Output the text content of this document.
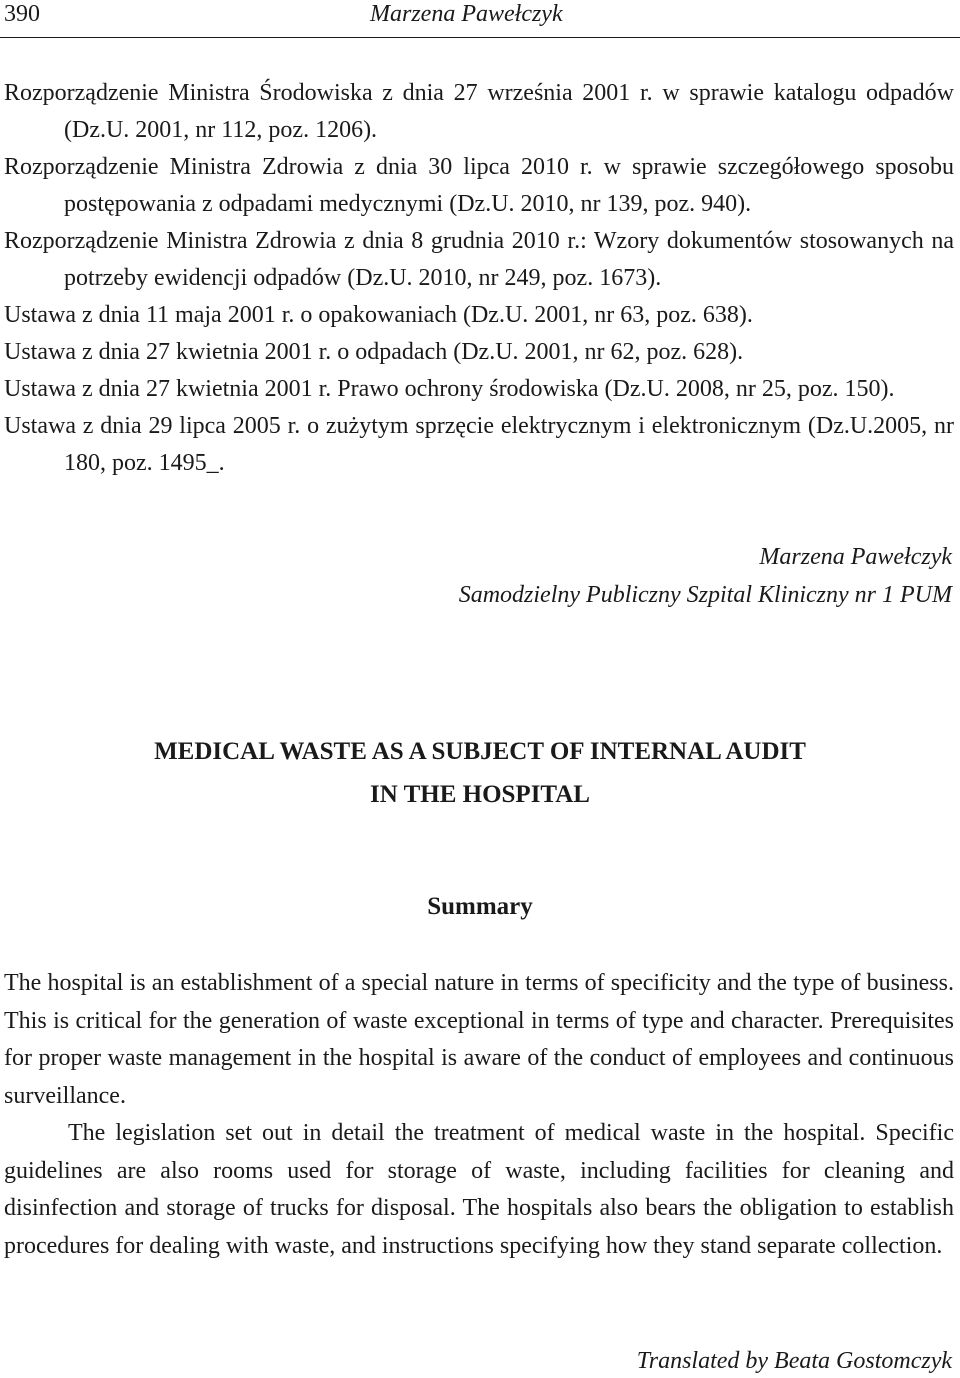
390	Marzena Pawełczyk

Rozporządzenie Ministra Środowiska z dnia 27 września 2001 r. w sprawie katalogu odpadów (Dz.U. 2001, nr 112, poz. 1206).

Rozporządzenie Ministra Zdrowia z dnia 30 lipca 2010 r. w sprawie szczegółowego sposobu postępowania z odpadami medycznymi (Dz.U. 2010, nr 139, poz. 940).

Rozporządzenie Ministra Zdrowia z dnia 8 grudnia 2010 r.: Wzory dokumentów stosowanych na potrzeby ewidencji odpadów (Dz.U. 2010, nr 249, poz. 1673).

Ustawa z dnia 11 maja 2001 r. o opakowaniach (Dz.U. 2001, nr 63, poz. 638).

Ustawa z dnia 27 kwietnia 2001 r. o odpadach (Dz.U. 2001, nr 62, poz. 628).

Ustawa z dnia 27 kwietnia 2001 r. Prawo ochrony środowiska (Dz.U. 2008, nr 25, poz. 150).

Ustawa z dnia 29 lipca 2005 r. o zużytym sprzęcie elektrycznym i elektronicznym (Dz.U.2005, nr 180, poz. 1495_.

Marzena Pawełczyk
Samodzielny Publiczny Szpital Kliniczny nr 1 PUM
MEDICAL WASTE AS A SUBJECT OF INTERNAL AUDIT
IN THE HOSPITAL
Summary

The hospital is an establishment of a special nature in terms of specificity and the type of business. This is critical for the generation of waste exceptional in terms of type and character. Prerequisites for proper waste management in the hospital is aware of the conduct of employees and continuous surveillance.

The legislation set out in detail the treatment of medical waste in the hospital. Specific guidelines are also rooms used for storage of waste, including facilities for cleaning and disinfection and storage of trucks for disposal. The hospitals also bears the obligation to establish procedures for dealing with waste, and instructions specifying how they stand separate collection.

Translated by Beata Gostomczyk
